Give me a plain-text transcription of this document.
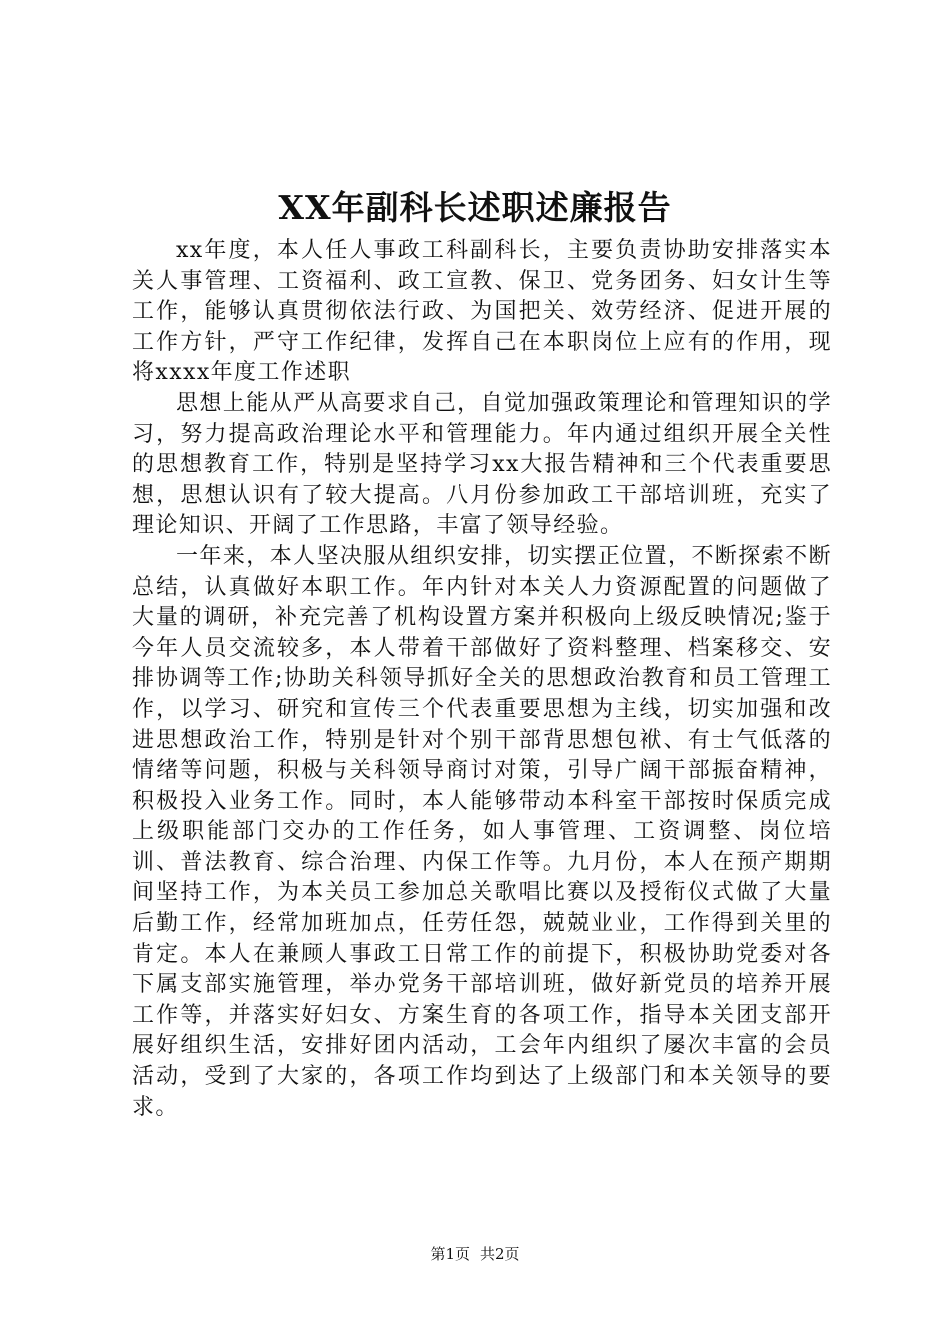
XX年副科长述职述廉报告

xx年度，本人任人事政工科副科长，主要负责协助安排落实本关人事管理、工资福利、政工宣教、保卫、党务团务、妇女计生等工作，能够认真贯彻依法行政、为国把关、效劳经济、促进开展的工作方针，严守工作纪律，发挥自己在本职岗位上应有的作用，现将xxxx年度工作述职

思想上能从严从高要求自己，自觉加强政策理论和管理知识的学习，努力提高政治理论水平和管理能力。年内通过组织开展全关性的思想教育工作，特别是坚持学习xx大报告精神和三个代表重要思想，思想认识有了较大提高。八月份参加政工干部培训班，充实了理论知识、开阔了工作思路，丰富了领导经验。

一年来，本人坚决服从组织安排，切实摆正位置，不断探索不断总结，认真做好本职工作。年内针对本关人力资源配置的问题做了大量的调研，补充完善了机构设置方案并积极向上级反映情况;鉴于今年人员交流较多，本人带着干部做好了资料整理、档案移交、安排协调等工作;协助关科领导抓好全关的思想政治教育和员工管理工作，以学习、研究和宣传三个代表重要思想为主线，切实加强和改进思想政治工作，特别是针对个别干部背思想包袱、有士气低落的情绪等问题，积极与关科领导商讨对策，引导广阔干部振奋精神，积极投入业务工作。同时，本人能够带动本科室干部按时保质完成上级职能部门交办的工作任务，如人事管理、工资调整、岗位培训、普法教育、综合治理、内保工作等。九月份，本人在预产期期间坚持工作，为本关员工参加总关歌唱比赛以及授衔仪式做了大量后勤工作，经常加班加点，任劳任怨，兢兢业业，工作得到关里的肯定。本人在兼顾人事政工日常工作的前提下，积极协助党委对各下属支部实施管理，举办党务干部培训班，做好新党员的培养开展工作等，并落实好妇女、方案生育的各项工作，指导本关团支部开展好组织生活，安排好团内活动，工会年内组织了屡次丰富的会员活动，受到了大家的，各项工作均到达了上级部门和本关领导的要求。

第1页 共2页
